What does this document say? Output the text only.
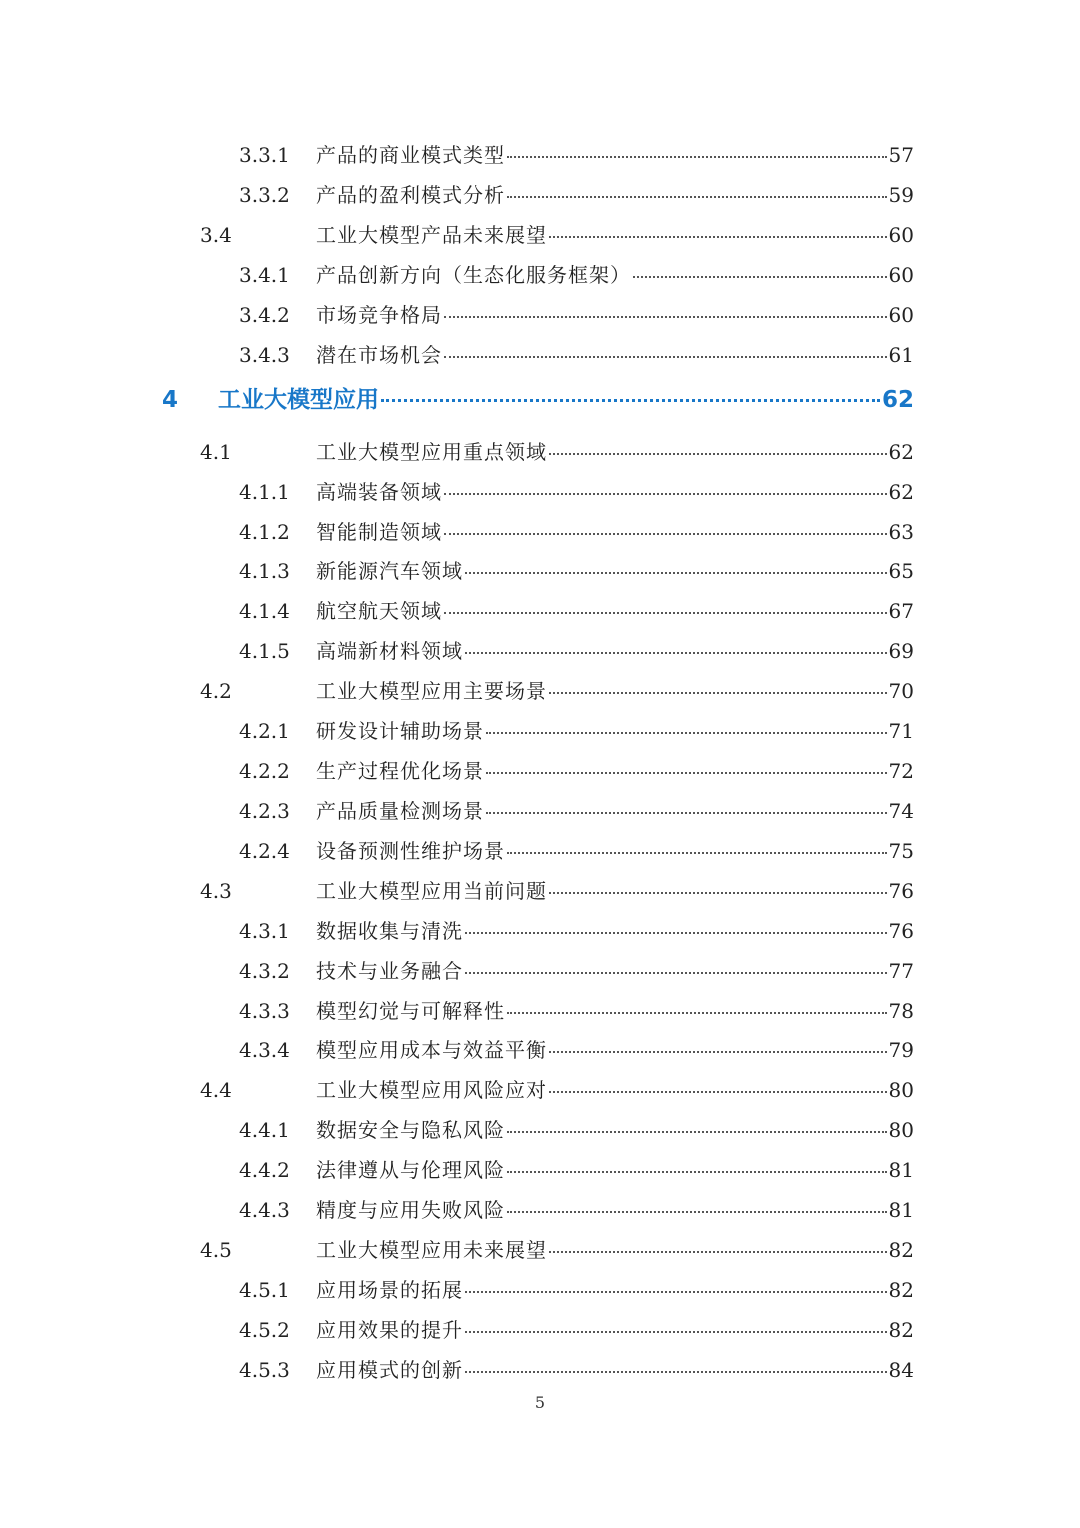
3.3.1 产品的商业模式类型	57
3.3.2 产品的盈利模式分析	59
3.4	工业大模型产品未来展望	60
3.4.1 产品创新方向（生态化服务框架）	60
3.4.2 市场竞争格局	60
3.4.3 潜在市场机会	61
4 工业大模型应用	62
4.1	工业大模型应用重点领域	62
4.1.1 高端装备领域	62
4.1.2 智能制造领域	63
4.1.3 新能源汽车领域	65
4.1.4 航空航天领域	67
4.1.5 高端新材料领域	69
4.2	工业大模型应用主要场景	70
4.2.1 研发设计辅助场景	71
4.2.2 生产过程优化场景	72
4.2.3 产品质量检测场景	74
4.2.4 设备预测性维护场景	75
4.3	工业大模型应用当前问题	76
4.3.1 数据收集与清洗	76
4.3.2 技术与业务融合	77
4.3.3 模型幻觉与可解释性	78
4.3.4 模型应用成本与效益平衡	79
4.4	工业大模型应用风险应对	80
4.4.1 数据安全与隐私风险	80
4.4.2 法律遵从与伦理风险	81
4.4.3 精度与应用失败风险	81
4.5	工业大模型应用未来展望	82
4.5.1 应用场景的拓展	82
4.5.2 应用效果的提升	82
4.5.3 应用模式的创新	84
5
